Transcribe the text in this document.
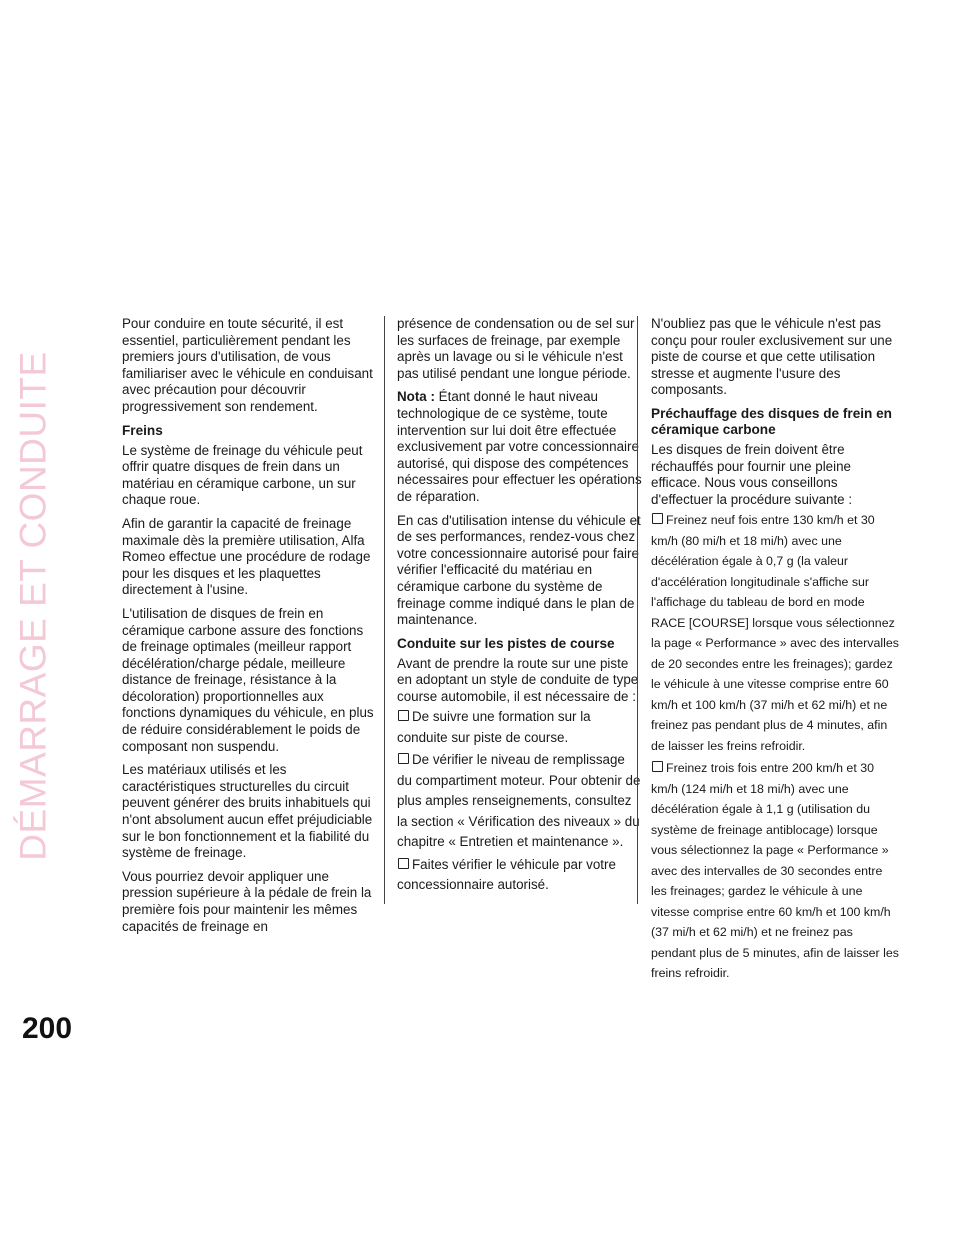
DÉMARRAGE ET CONDUITE
200

Pour conduire en toute sécurité, il est essentiel, particulièrement pendant les premiers jours d'utilisation, de vous familiariser avec le véhicule en conduisant avec précaution pour découvrir progressivement son rendement.

Freins

Le système de freinage du véhicule peut offrir quatre disques de frein dans un matériau en céramique carbone, un sur chaque roue.

Afin de garantir la capacité de freinage maximale dès la première utilisation, Alfa Romeo effectue une procédure de rodage pour les disques et les plaquettes directement à l'usine.

L'utilisation de disques de frein en céramique carbone assure des fonctions de freinage optimales (meilleur rapport décélération/charge pédale, meilleure distance de freinage, résistance à la décoloration) proportionnelles aux fonctions dynamiques du véhicule, en plus de réduire considérablement le poids de composant non suspendu.

Les matériaux utilisés et les caractéristiques structurelles du circuit peuvent générer des bruits inhabituels qui n'ont absolument aucun effet préjudiciable sur le bon fonctionnement et la fiabilité du système de freinage.

Vous pourriez devoir appliquer une pression supérieure à la pédale de frein la première fois pour maintenir les mêmes capacités de freinage en

présence de condensation ou de sel sur les surfaces de freinage, par exemple après un lavage ou si le véhicule n'est pas utilisé pendant une longue période.

Nota : Étant donné le haut niveau technologique de ce système, toute intervention sur lui doit être effectuée exclusivement par votre concessionnaire autorisé, qui dispose des compétences nécessaires pour effectuer les opérations de réparation.

En cas d'utilisation intense du véhicule et de ses performances, rendez-vous chez votre concessionnaire autorisé pour faire vérifier l'efficacité du matériau en céramique carbone du système de freinage comme indiqué dans le plan de maintenance.

Conduite sur les pistes de course

Avant de prendre la route sur une piste en adoptant un style de conduite de type course automobile, il est nécessaire de :

De suivre une formation sur la conduite sur piste de course.
De vérifier le niveau de remplissage du compartiment moteur. Pour obtenir de plus amples renseignements, consultez la section « Vérification des niveaux » du chapitre « Entretien et maintenance ».
Faites vérifier le véhicule par votre concessionnaire autorisé.

N'oubliez pas que le véhicule n'est pas conçu pour rouler exclusivement sur une piste de course et que cette utilisation stresse et augmente l'usure des composants.

Préchauffage des disques de frein en céramique carbone

Les disques de frein doivent être réchauffés pour fournir une pleine efficace. Nous vous conseillons d'effectuer la procédure suivante :

Freinez neuf fois entre 130 km/h et 30 km/h (80 mi/h et 18 mi/h) avec une décélération égale à 0,7 g (la valeur d'accélération longitudinale s'affiche sur l'affichage du tableau de bord en mode RACE [COURSE] lorsque vous sélectionnez la page « Performance » avec des intervalles de 20 secondes entre les freinages); gardez le véhicule à une vitesse comprise entre 60 km/h et 100 km/h (37 mi/h et 62 mi/h) et ne freinez pas pendant plus de 4 minutes, afin de laisser les freins refroidir.
Freinez trois fois entre 200 km/h et 30 km/h (124 mi/h et 18 mi/h) avec une décélération égale à 1,1 g (utilisation du système de freinage antiblocage) lorsque vous sélectionnez la page « Performance » avec des intervalles de 30 secondes entre les freinages; gardez le véhicule à une vitesse comprise entre 60 km/h et 100 km/h (37 mi/h et 62 mi/h) et ne freinez pas pendant plus de 5 minutes, afin de laisser les freins refroidir.
